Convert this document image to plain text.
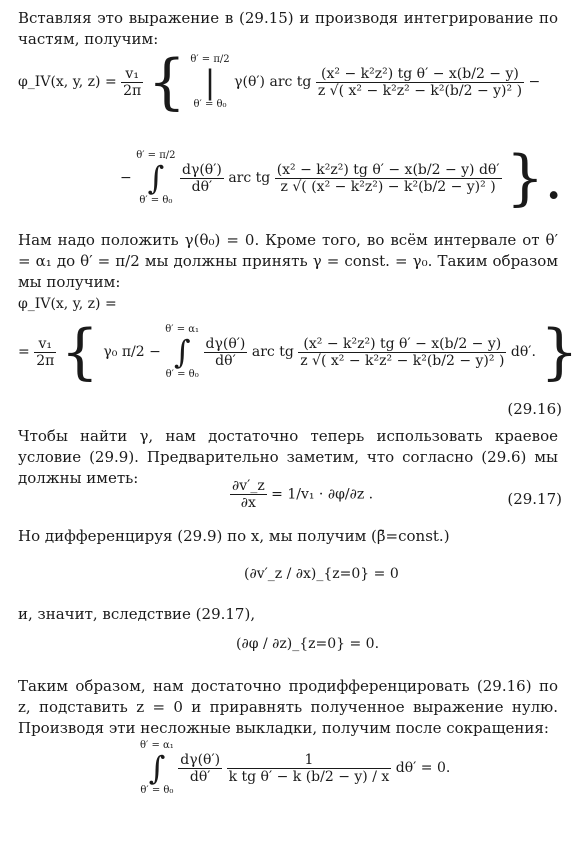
Вставляя это выражение в (29.15) и производя интегрирование по частям, получим:
φ_IV(x, y, $z) = \frac{\text{v₁}}{2\pi}$ { θ′ = π/2
|
θ′ = θ₀ γ(θ′) arc tg $\frac{\text{(x² − k²z²) tg θ′ − x(b/2 − y)}}{\text{z √( x² − k²z² − k²(b/2 − y)² )}}$ −
− θ′ = π/2
∫
θ′ = θ₀
$\frac{d\gamma(\theta')}{d\theta'}$ arc tg $\frac{\text{(x² − k²z²) tg θ′ − x(b/2 − y) dθ′}}{\text{z √( (x² − k²z²) − k²(b/2 − y)² )}}$ }.
Нам надо положить γ(θ₀) = 0. Кроме того, во всём интервале от θ′ = α₁ до θ′ = π/2 мы должны принять γ = const. = γ₀. Таким образом мы получим:
φ_IV(x, y, z) =
= $\frac{\text{v₁}}{2\pi}$ { γ₀ π/2 − θ′ = α₁
∫
θ′ = θ₀
$\frac{d\gamma(\theta')}{d\theta'}$ arc tg $\frac{\text{(x² − k²z²) tg θ′ − x(b/2 − y)}}{\text{z √( x² − k²z² − k²(b/2 − y)² )}} d\theta'$. }
(29.16)
Чтобы найти γ, нам достаточно теперь использовать краевое условие (29.9). Предварительно заметим, что согласно (29.6) мы должны иметь:	$\frac{\partial v'\_z}{\partial x} = 1/v_1 \cdot \partial\varphi/\partial z$ .	(29.17)
Но дифференцируя (29.9) по x, мы получим (β̄=const.)
(∂v′_z / ∂x)_{z=0} = 0
и, значит, вследствие (29.17),
(∂φ / ∂z)_{z=0} = 0.
Таким образом, нам достаточно продифференцировать (29.16) по z, подставить z = 0 и приравнять полученное выражение нулю. Производя эти несложные выкладки, получим после сокращения:
θ′ = α₁
∫
θ′ = θ₀
$\frac{d\gamma(\theta')}{d\theta'}$
$\frac{1}{\text{k tg θ′ − k (b/2 − y) / x}} d\theta' = 0$.
